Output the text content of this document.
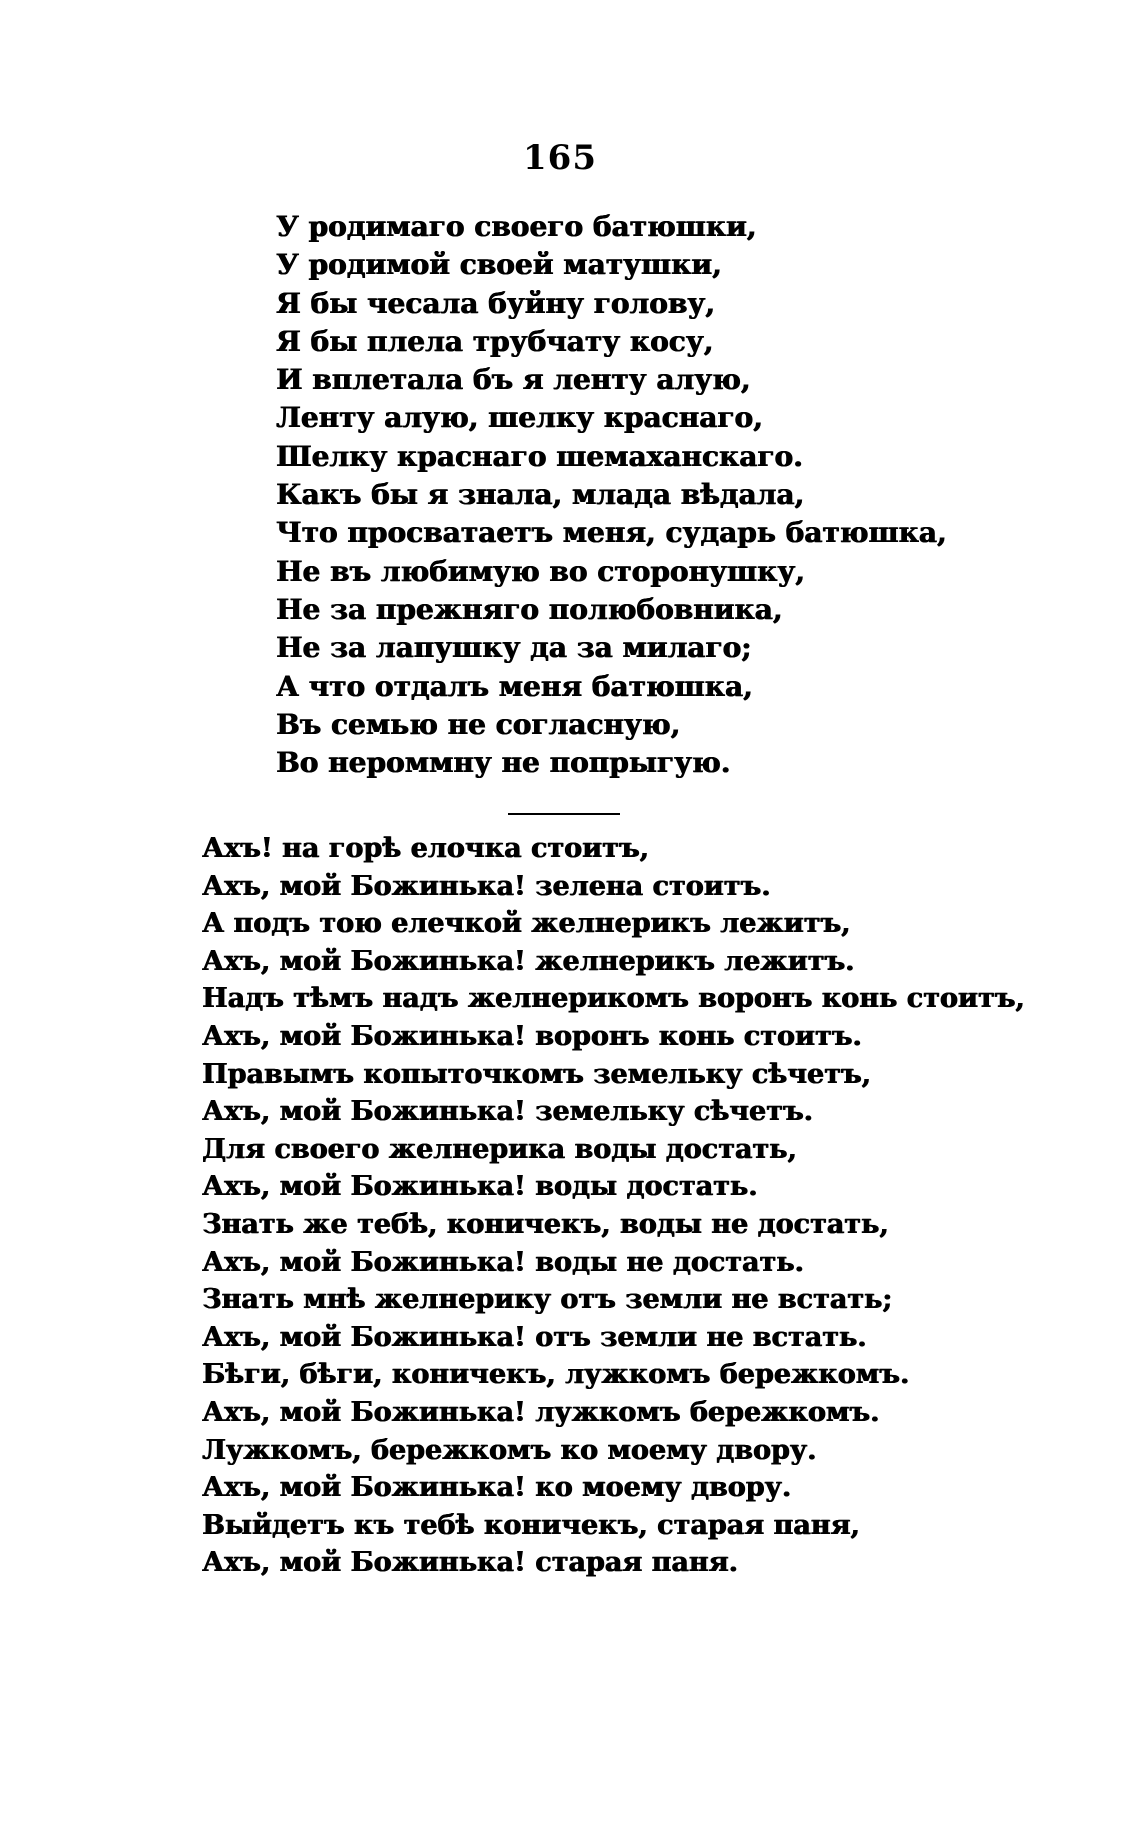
165
У родимаго своего батюшки,
У родимой своей матушки,
Я бы чесала буйну голову,
Я бы плела трубчату косу,
И вплетала бъ я ленту алую,
Ленту алую, шелку краснаго,
Шелку краснаго шемаханскаго.
Какъ бы я знала, млада вѣдала,
Что просватаетъ меня, сударь батюшка,
Не въ любимую во сторонушку,
Не за прежняго полюбовника,
Не за лапушку да за милаго;
А что отдалъ меня батюшка,
Въ семью не согласную,
Во нероммну не попрыгую.
Ахъ! на горѣ елочка стоитъ,
Ахъ, мой Божинька! зелена стоитъ.
А подъ тою елечкой желнерикъ лежитъ,
Ахъ, мой Божинька! желнерикъ лежитъ.
Надъ тѣмъ надъ желнерикомъ воронъ конь стоитъ,
Ахъ, мой Божинька! воронъ конь стоитъ.
Правымъ копыточкомъ земельку сѣчетъ,
Ахъ, мой Божинька! земельку сѣчетъ.
Для своего желнерика воды достать,
Ахъ, мой Божинька! воды достать.
Знать же тебѣ, коничекъ, воды не достать,
Ахъ, мой Божинька! воды не достать.
Знать мнѣ желнерику отъ земли не встать;
Ахъ, мой Божинька! отъ земли не встать.
Бѣги, бѣги, коничекъ, лужкомъ бережкомъ.
Ахъ, мой Божинька! лужкомъ бережкомъ.
Лужкомъ, бережкомъ ко моему двору.
Ахъ, мой Божинька! ко моему двору.
Выйдетъ къ тебѣ коничекъ, старая паня,
Ахъ, мой Божинька! старая паня.
